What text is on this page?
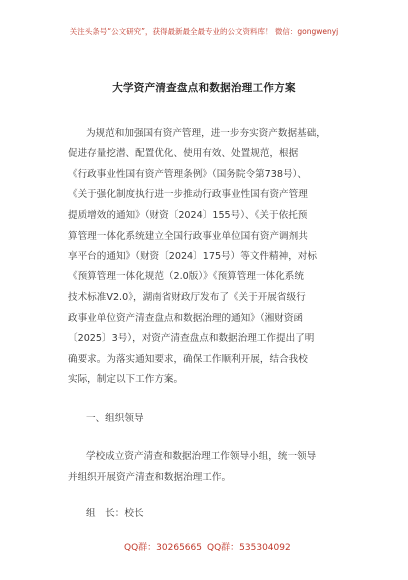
关注头条号“公文研究”，获得最新最全最专业的公文资料库！ 微信：gongwenyj
大学资产清查盘点和数据治理工作方案
为规范和加强国有资产管理，进一步夯实资产数据基础，
促进存量挖潜、配置优化、使用有效、处置规范，根据
《行政事业性国有资产管理条例》（国务院令第738号）、
《关于强化制度执行进一步推动行政事业性国有资产管理
提质增效的通知》（财资〔2024〕155号）、《关于依托预
算管理一体化系统建立全国行政事业单位国有资产调剂共
享平台的通知》（财资〔2024〕175号）等文件精神，对标
《预算管理一体化规范（2.0版）》《预算管理一体化系统
技术标准V2.0》，湖南省财政厅发布了《关于开展省级行
政事业单位资产清查盘点和数据治理的通知》（湘财资函
〔2025〕3号），对资产清查盘点和数据治理工作提出了明
确要求。为落实通知要求，确保工作顺利开展，结合我校
实际，制定以下工作方案。
一、组织领导
学校成立资产清查和数据治理工作领导小组，统一领导
并组织开展资产清查和数据治理工作。
组　长：校长
QQ群：30265665 QQ群：535304092
